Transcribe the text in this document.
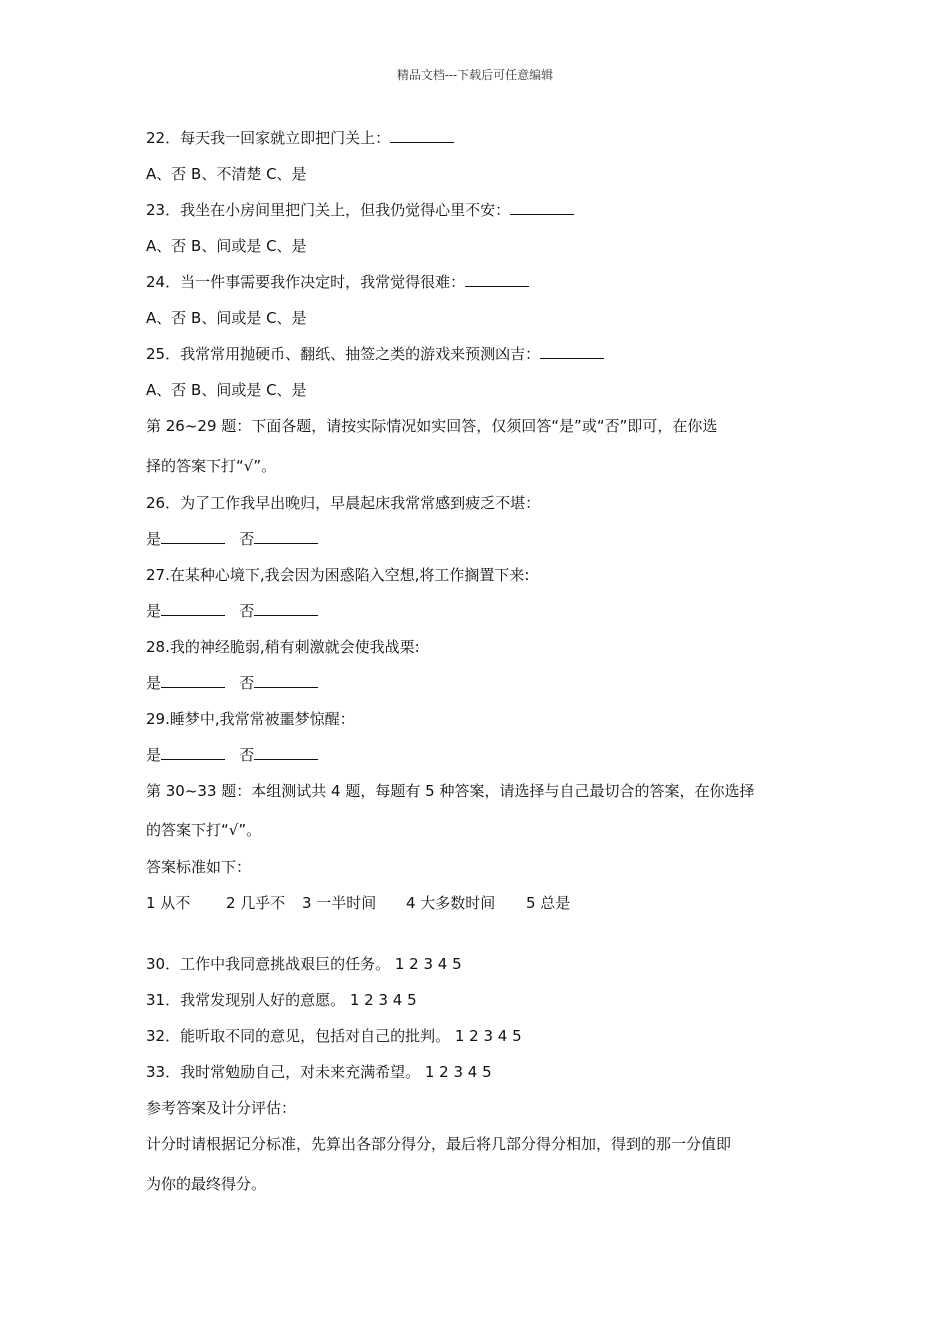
精品文档---下载后可任意编辑
22．每天我一回家就立即把门关上：
A、否 B、不清楚 C、是
23．我坐在小房间里把门关上，但我仍觉得心里不安：
A、否 B、间或是 C、是
24．当一件事需要我作决定时，我常觉得很难：
A、否 B、间或是 C、是
25．我常常用抛硬币、翻纸、抽签之类的游戏来预测凶吉：
A、否 B、间或是 C、是
第 26~29 题：下面各题，请按实际情况如实回答，仅须回答“是”或“否”即可，在你选
择的答案下打“√”。
26．为了工作我早出晚归，早晨起床我常常感到疲乏不堪：
是	否
27.在某种心境下,我会因为困惑陷入空想,将工作搁置下来:
是	否
28.我的神经脆弱,稍有刺激就会使我战栗:
是	否
29.睡梦中,我常常被噩梦惊醒：
是	否
第 30~33 题：本组测试共 4 题，每题有 5 种答案，请选择与自己最切合的答案，在你选择
的答案下打“√”。
答案标准如下：
1 从不 2 几乎不 3 一半时间 4 大多数时间 5 总是
30．工作中我同意挑战艰巨的任务。 1 2 3 4 5
31．我常发现别人好的意愿。 1 2 3 4 5
32．能听取不同的意见，包括对自己的批判。 1 2 3 4 5
33．我时常勉励自己，对未来充满希望。 1 2 3 4 5
参考答案及计分评估：
计分时请根据记分标准，先算出各部分得分，最后将几部分得分相加，得到的那一分值即
为你的最终得分。
